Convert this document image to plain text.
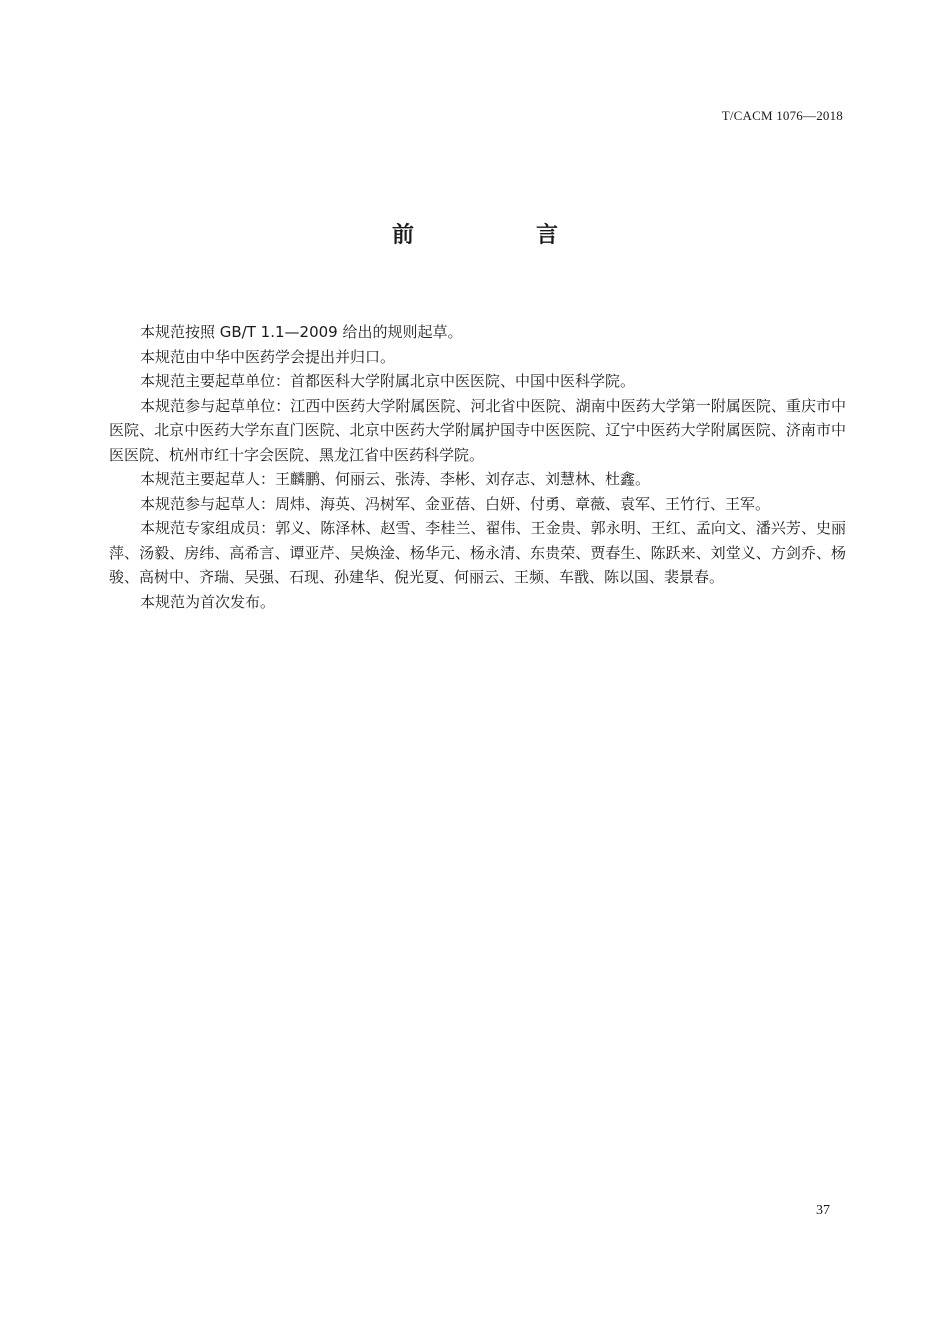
T/CACM 1076—2018
前　言

本规范按照 GB/T 1.1—2009 给出的规则起草。

本规范由中华中医药学会提出并归口。

本规范主要起草单位：首都医科大学附属北京中医医院、中国中医科学院。

本规范参与起草单位：江西中医药大学附属医院、河北省中医院、湖南中医药大学第一附属医院、重庆市中医院、北京中医药大学东直门医院、北京中医药大学附属护国寺中医医院、辽宁中医药大学附属医院、济南市中医医院、杭州市红十字会医院、黑龙江省中医药科学院。

本规范主要起草人：王麟鹏、何丽云、张涛、李彬、刘存志、刘慧林、杜鑫。

本规范参与起草人：周炜、海英、冯树军、金亚蓓、白妍、付勇、章薇、袁军、王竹行、王军。

本规范专家组成员：郭义、陈泽林、赵雪、李桂兰、翟伟、王金贵、郭永明、王红、孟向文、潘兴芳、史丽萍、汤毅、房纬、高希言、谭亚芹、吴焕淦、杨华元、杨永清、东贵荣、贾春生、陈跃来、刘堂义、方剑乔、杨骏、高树中、齐瑞、吴强、石现、孙建华、倪光夏、何丽云、王频、车戬、陈以国、裴景春。

本规范为首次发布。

37
